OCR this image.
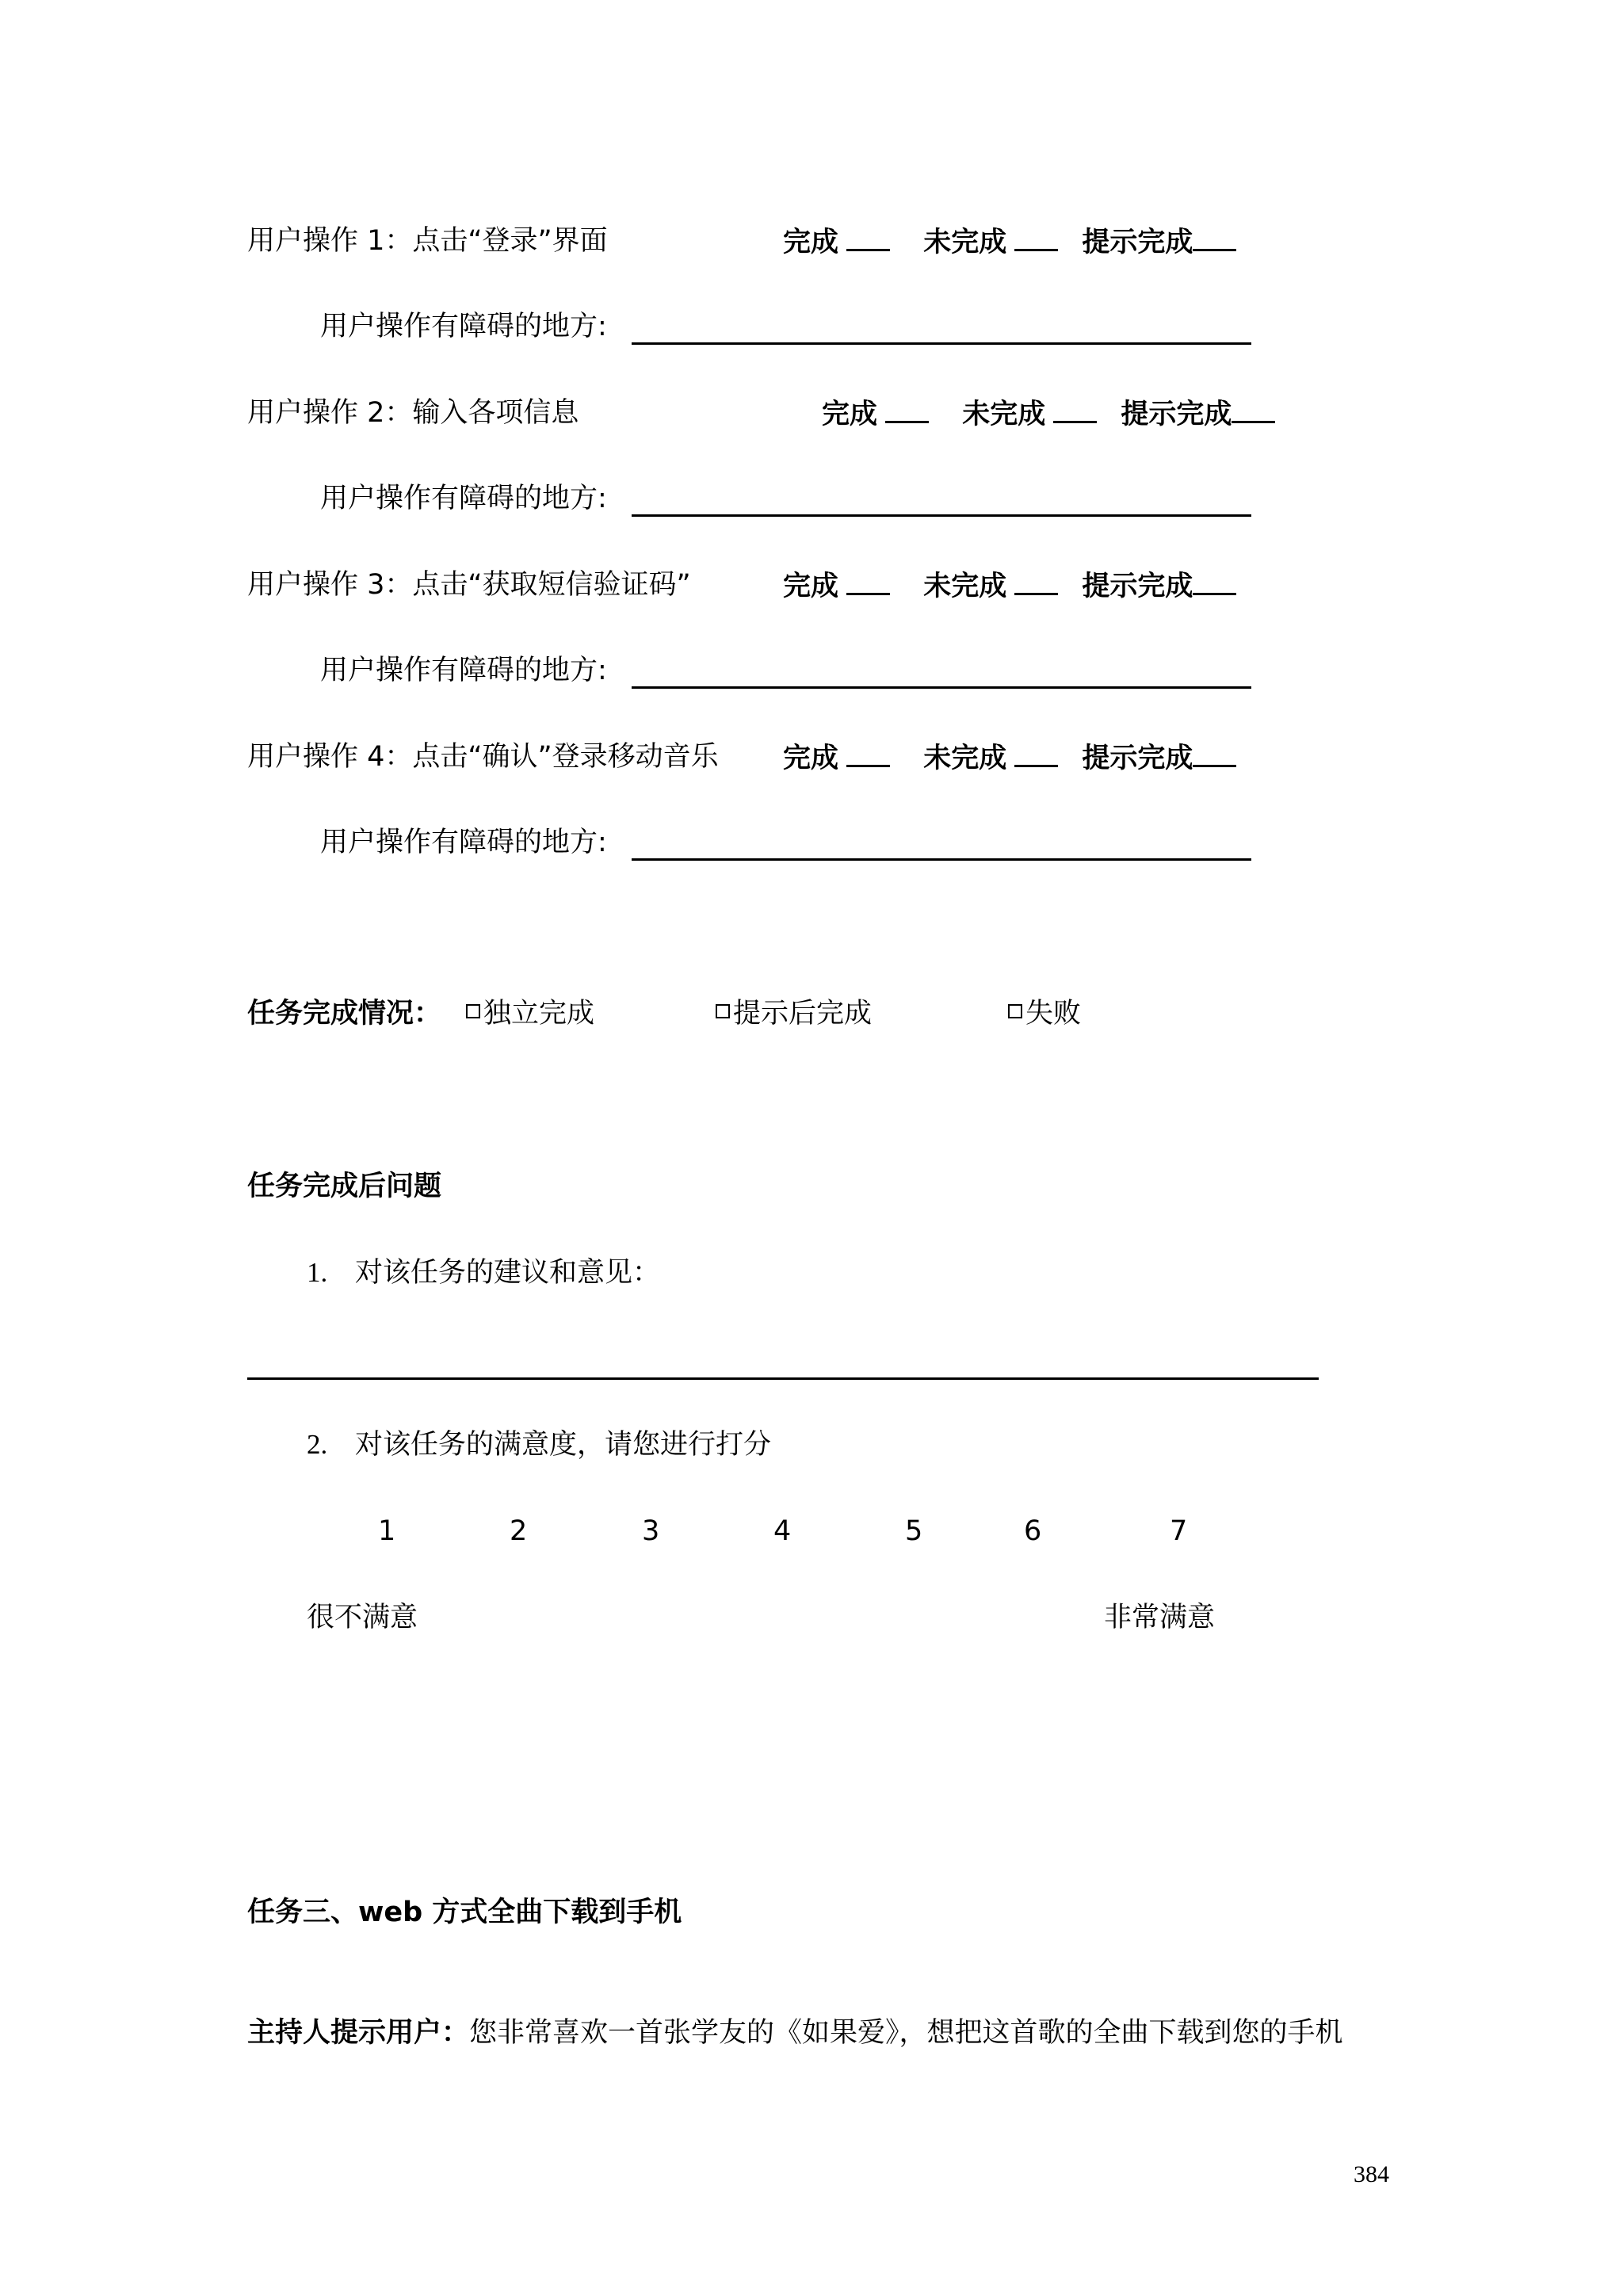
用户操作 1：点击“登录”界面	完成	未完成	提示完成
用户操作有障碍的地方:
用户操作 2：输入各项信息	完成	未完成	提示完成
用户操作有障碍的地方:
用户操作 3：点击“获取短信验证码”	完成	未完成	提示完成
用户操作有障碍的地方:
用户操作 4：点击“确认”登录移动音乐 完成	未完成	提示完成
用户操作有障碍的地方:
任务完成情况：	独立完成	提示后完成	失败
任务完成后问题
1. 对该任务的建议和意见：
2. 对该任务的满意度，请您进行打分
1	2	3	4	5	6	7
很不满意	非常满意
任务三、web 方式全曲下载到手机
主持人提示用户：您非常喜欢一首张学友的《如果爱》，想把这首歌的全曲下载到您的手机
384
